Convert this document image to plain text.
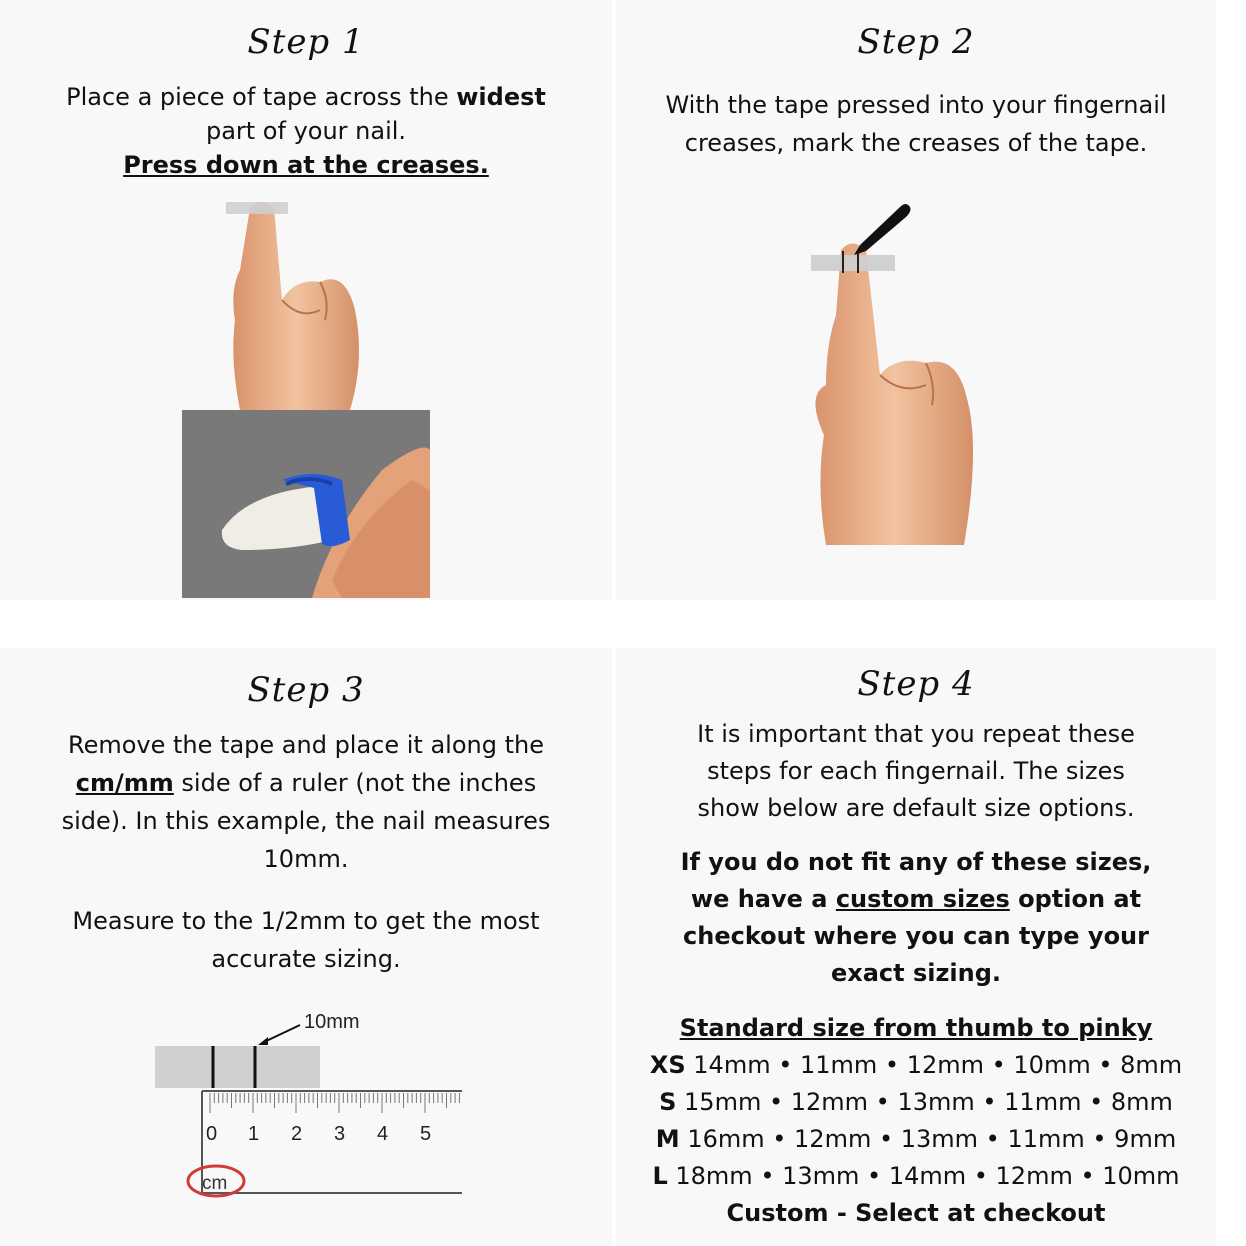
Step 1
Place a piece of tape across the widest
part of your nail.
Press down at the creases.
Step 2
With the tape pressed into your fingernail
creases, mark the creases of the tape.
Step 3
Remove the tape and place it along the
cm/mm side of a ruler (not the inches
side). In this example, the nail measures
10mm.
Measure to the 1/2mm to get the most
accurate sizing.
10mm
0 1 2 3 4 5
cm
Step 4
It is important that you repeat these
steps for each fingernail. The sizes
show below are default size options.
If you do not fit any of these sizes,
we have a custom sizes option at
checkout where you can type your
exact sizing.
Standard size from thumb to pinky
XS 14mm • 11mm • 12mm • 10mm • 8mm
S 15mm • 12mm • 13mm • 11mm • 8mm
M 16mm • 12mm • 13mm • 11mm • 9mm
L 18mm • 13mm • 14mm • 12mm • 10mm
Custom - Select at checkout
